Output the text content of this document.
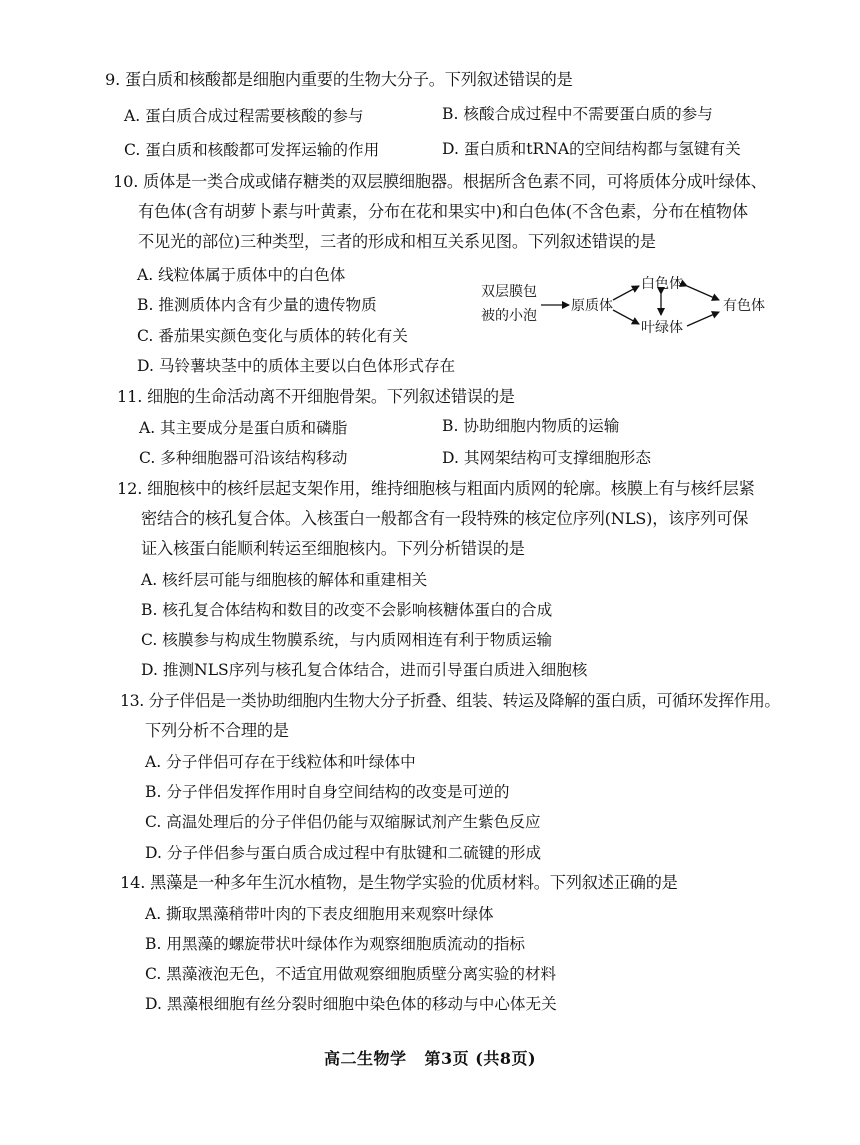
9. 蛋白质和核酸都是细胞内重要的生物大分子。下列叙述错误的是
A. 蛋白质合成过程需要核酸的参与	B. 核酸合成过程中不需要蛋白质的参与
C. 蛋白质和核酸都可发挥运输的作用	D. 蛋白质和tRNA的空间结构都与氢键有关
10. 质体是一类合成或储存糖类的双层膜细胞器。根据所含色素不同，可将质体分成叶绿体、
有色体(含有胡萝卜素与叶黄素，分布在花和果实中)和白色体(不含色素，分布在植物体
不见光的部位)三种类型，三者的形成和相互关系见图。下列叙述错误的是
A. 线粒体属于质体中的白色体
B. 推测质体内含有少量的遗传物质
C. 番茄果实颜色变化与质体的转化有关
D. 马铃薯块茎中的质体主要以白色体形式存在
双层膜包
被的小泡
原质体
白色体
叶绿体
有色体
11. 细胞的生命活动离不开细胞骨架。下列叙述错误的是
A. 其主要成分是蛋白质和磷脂	B. 协助细胞内物质的运输
C. 多种细胞器可沿该结构移动	D. 其网架结构可支撑细胞形态
12. 细胞核中的核纤层起支架作用，维持细胞核与粗面内质网的轮廓。核膜上有与核纤层紧
密结合的核孔复合体。入核蛋白一般都含有一段特殊的核定位序列(NLS)，该序列可保
证入核蛋白能顺利转运至细胞核内。下列分析错误的是
A. 核纤层可能与细胞核的解体和重建相关
B. 核孔复合体结构和数目的改变不会影响核糖体蛋白的合成
C. 核膜参与构成生物膜系统，与内质网相连有利于物质运输
D. 推测NLS序列与核孔复合体结合，进而引导蛋白质进入细胞核
13. 分子伴侣是一类协助细胞内生物大分子折叠、组装、转运及降解的蛋白质，可循环发挥作用。
下列分析不合理的是
A. 分子伴侣可存在于线粒体和叶绿体中
B. 分子伴侣发挥作用时自身空间结构的改变是可逆的
C. 高温处理后的分子伴侣仍能与双缩脲试剂产生紫色反应
D. 分子伴侣参与蛋白质合成过程中有肽键和二硫键的形成
14. 黑藻是一种多年生沉水植物，是生物学实验的优质材料。下列叙述正确的是
A. 撕取黑藻稍带叶肉的下表皮细胞用来观察叶绿体
B. 用黑藻的螺旋带状叶绿体作为观察细胞质流动的指标
C. 黑藻液泡无色，不适宜用做观察细胞质壁分离实验的材料
D. 黑藻根细胞有丝分裂时细胞中染色体的移动与中心体无关
高二生物学 第3页 (共8页)
